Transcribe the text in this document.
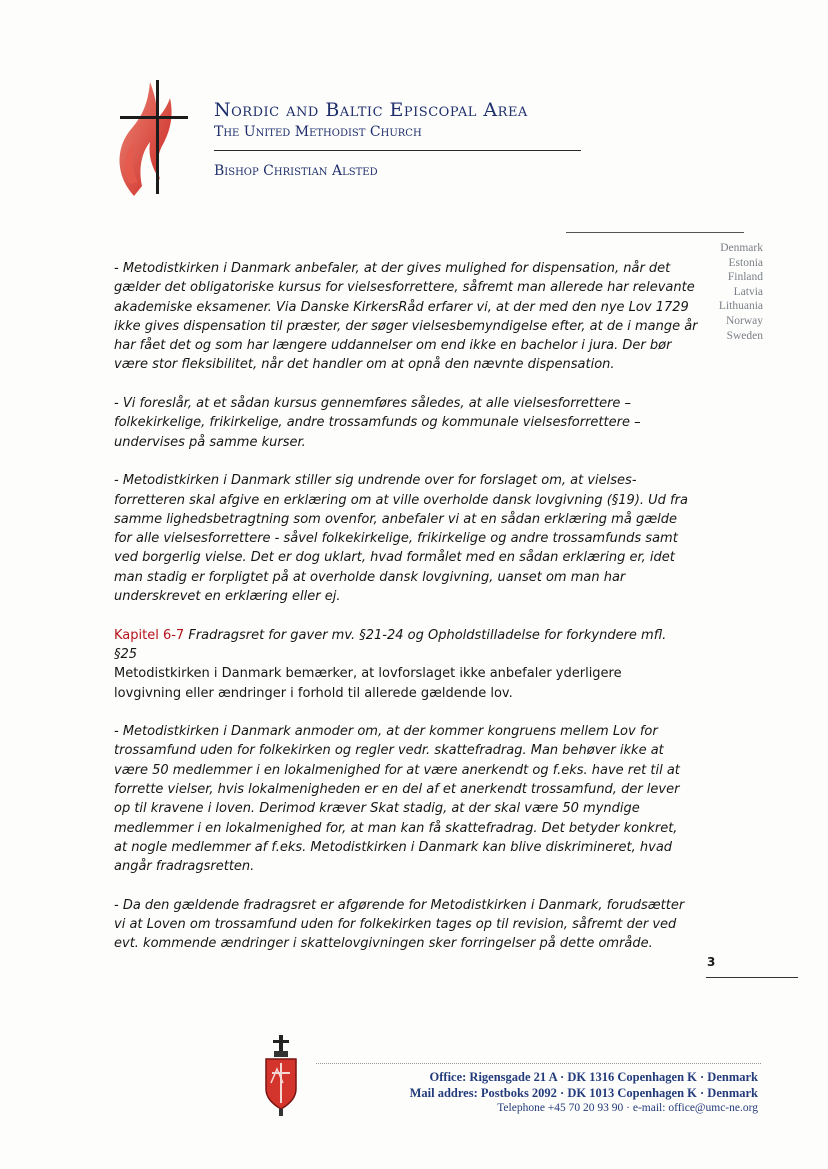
Nordic and Baltic Episcopal Area
The United Methodist Church
Bishop Christian Alsted
Denmark
Estonia
Finland
Latvia
Lithuania
Norway
Sweden

- Metodistkirken i Danmark anbefaler, at der gives mulighed for dispensation, når det

gælder det obligatoriske kursus for vielsesforrettere, såfremt man allerede har relevante

akademiske eksamener. Via Danske KirkersRåd erfarer vi, at der med den nye Lov 1729

ikke gives dispensation til præster, der søger vielsesbemyndigelse efter, at de i mange år

har fået det og som har længere uddannelser om end ikke en bachelor i jura. Der bør

være stor fleksibilitet, når det handler om at opnå den nævnte dispensation.

- Vi foreslår, at et sådan kursus gennemføres således, at alle vielsesforrettere –

folkekirkelige, frikirkelige, andre trossamfunds og kommunale vielsesforrettere –

undervises på samme kurser.

- Metodistkirken i Danmark stiller sig undrende over for forslaget om, at vielses-

forretteren skal afgive en erklæring om at ville overholde dansk lovgivning (§19). Ud fra

samme lighedsbetragtning som ovenfor, anbefaler vi at en sådan erklæring må gælde

for alle vielsesforrettere - såvel folkekirkelige, frikirkelige og andre trossamfunds samt

ved borgerlig vielse. Det er dog uklart, hvad formålet med en sådan erklæring er, idet

man stadig er forpligtet på at overholde dansk lovgivning, uanset om man har

underskrevet en erklæring eller ej.

Kapitel 6-7 Fradragsret for gaver mv. §21-24 og Opholdstilladelse for forkyndere mfl.

§25

Metodistkirken i Danmark bemærker, at lovforslaget ikke anbefaler yderligere

lovgivning eller ændringer i forhold til allerede gældende lov.

- Metodistkirken i Danmark anmoder om, at der kommer kongruens mellem Lov for

trossamfund uden for folkekirken og regler vedr. skattefradrag. Man behøver ikke at

være 50 medlemmer i en lokalmenighed for at være anerkendt og f.eks. have ret til at

forrette vielser, hvis lokalmenigheden er en del af et anerkendt trossamfund, der lever

op til kravene i loven. Derimod kræver Skat stadig, at der skal være 50 myndige

medlemmer i en lokalmenighed for, at man kan få skattefradrag. Det betyder konkret,

at nogle medlemmer af f.eks. Metodistkirken i Danmark kan blive diskrimineret, hvad

angår fradragsretten.

- Da den gældende fradragsret er afgørende for Metodistkirken i Danmark, forudsætter

vi at Loven om trossamfund uden for folkekirken tages op til revision, såfremt der ved

evt. kommende ændringer i skattelovgivningen sker forringelser på dette område.

3
Office: Rigensgade 21 A · DK 1316 Copenhagen K · Denmark
Mail addres: Postboks 2092 · DK 1013 Copenhagen K · Denmark
Telephone +45 70 20 93 90 · e-mail: office@umc-ne.org
